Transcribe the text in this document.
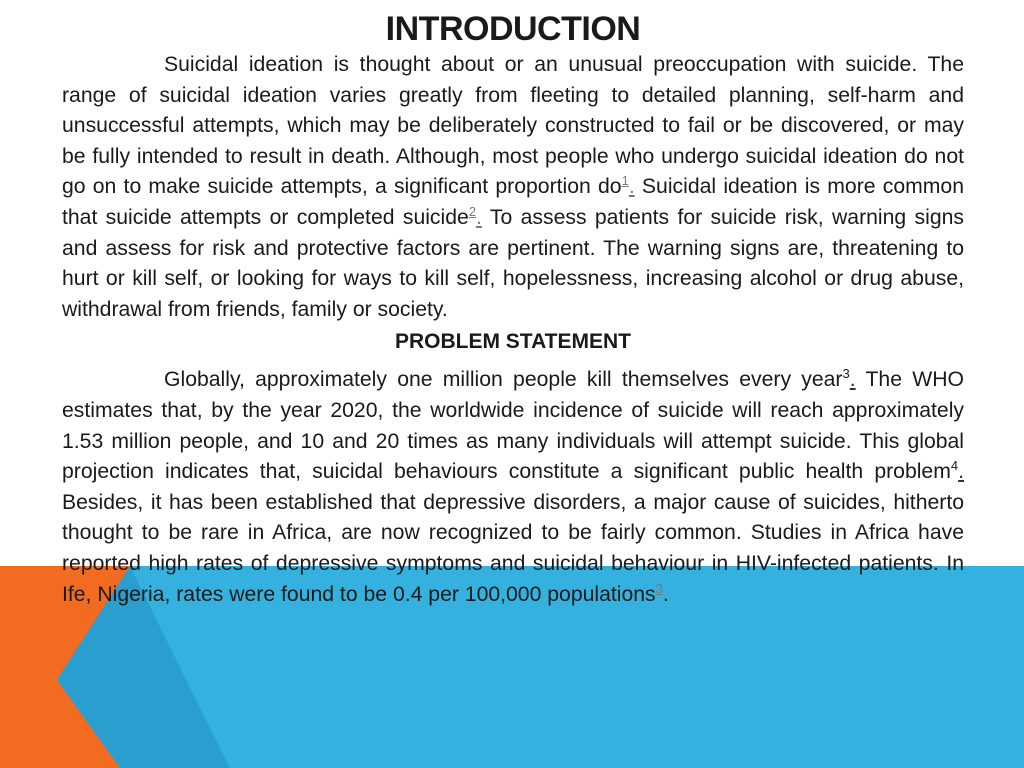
INTRODUCTION

Suicidal ideation is thought about or an unusual preoccupation with suicide. The range of suicidal ideation varies greatly from fleeting to detailed planning, self-harm and unsuccessful attempts, which may be deliberately constructed to fail or be discovered, or may be fully intended to result in death. Although, most people who undergo suicidal ideation do not go on to make suicide attempts, a significant proportion do$^1$. Suicidal ideation is more common that suicide attempts or completed suicide$^2$. To assess patients for suicide risk, warning signs and assess for risk and protective factors are pertinent. The warning signs are, threatening to hurt or kill self, or looking for ways to kill self, hopelessness, increasing alcohol or drug abuse, withdrawal from friends, family or society.

PROBLEM STATEMENT

Globally, approximately one million people kill themselves every year$^3$. The WHO estimates that, by the year 2020, the worldwide incidence of suicide will reach approximately 1.53 million people, and 10 and 20 times as many individuals will attempt suicide. This global projection indicates that, suicidal behaviours constitute a significant public health problem$^4$. Besides, it has been established that depressive disorders, a major cause of suicides, hitherto thought to be rare in Africa, are now recognized to be fairly common. Studies in Africa have reported high rates of depressive symptoms and suicidal behaviour in HIV-infected patients. In Ife, Nigeria, rates were found to be 0.4 per 100,000 populations$^3$.
